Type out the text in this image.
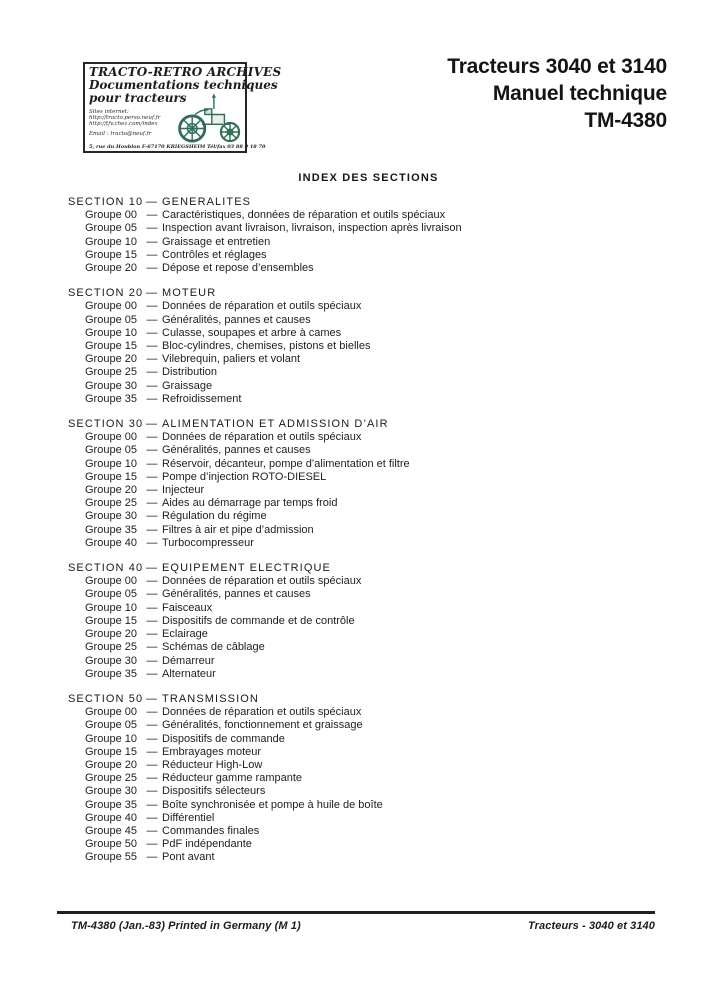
TRACTO-RETRO ARCHIVES
Documentations techniques
pour tracteurs
Sites internet:
http://tracto.perso.neuf.fr
http://tfv.chez.com/index
Email : tracto@neuf.fr
5, rue du Houblon F-67170 KRIEGSHEIM Tél/fax 03 88 9 18 70
Tracteurs 3040 et 3140
Manuel technique
TM-4380
INDEX DES SECTIONS
SECTION 10 — GENERALITES
Groupe 00 — Caractéristiques, données de réparation et outils spéciaux
Groupe 05 — Inspection avant livraison, livraison, inspection après livraison
Groupe 10 — Graissage et entretien
Groupe 15 — Contrôles et réglages
Groupe 20 — Dépose et repose d’ensembles
SECTION 20 — MOTEUR
Groupe 00 — Données de réparation et outils spéciaux
Groupe 05 — Généralités, pannes et causes
Groupe 10 — Culasse, soupapes et arbre à cames
Groupe 15 — Bloc-cylindres, chemises, pistons et bielles
Groupe 20 — Vilebrequin, paliers et volant
Groupe 25 — Distribution
Groupe 30 — Graissage
Groupe 35 — Refroidissement
SECTION 30 — ALIMENTATION ET ADMISSION D’AIR
Groupe 00 — Données de réparation et outils spéciaux
Groupe 05 — Généralités, pannes et causes
Groupe 10 — Réservoir, décanteur, pompe d’alimentation et filtre
Groupe 15 — Pompe d’injection ROTO-DIESEL
Groupe 20 — Injecteur
Groupe 25 — Aides au démarrage par temps froid
Groupe 30 — Régulation du régime
Groupe 35 — Filtres à air et pipe d’admission
Groupe 40 — Turbocompresseur
SECTION 40 — EQUIPEMENT ELECTRIQUE
Groupe 00 — Données de réparation et outils spéciaux
Groupe 05 — Généralités, pannes et causes
Groupe 10 — Faisceaux
Groupe 15 — Dispositifs de commande et de contrôle
Groupe 20 — Eclairage
Groupe 25 — Schémas de câblage
Groupe 30 — Démarreur
Groupe 35 — Alternateur
SECTION 50 — TRANSMISSION
Groupe 00 — Données de réparation et outils spéciaux
Groupe 05 — Généralités, fonctionnement et graissage
Groupe 10 — Dispositifs de commande
Groupe 15 — Embrayages moteur
Groupe 20 — Réducteur High-Low
Groupe 25 — Réducteur gamme rampante
Groupe 30 — Dispositifs sélecteurs
Groupe 35 — Boîte synchronisée et pompe à huile de boîte
Groupe 40 — Différentiel
Groupe 45 — Commandes finales
Groupe 50 — PdF indépendante
Groupe 55 — Pont avant
TM-4380 (Jan.-83) Printed in Germany (M 1)	Tracteurs - 3040 et 3140
